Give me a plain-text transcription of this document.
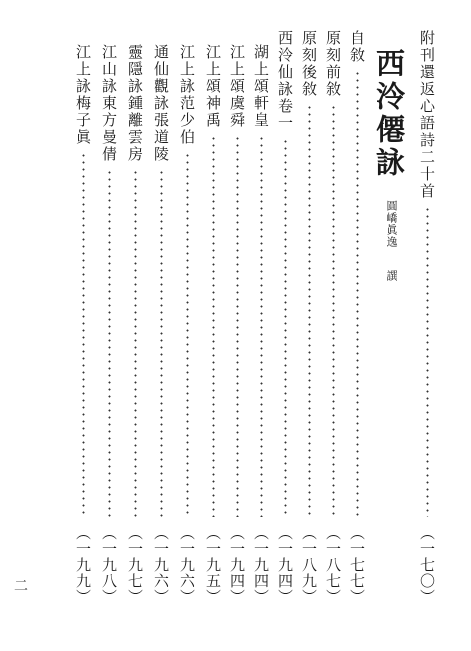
附刊還返心語詩二十首
（一七〇）
西泠僊詠
圓嶠眞逸 譔
自敘
（一七七）
原刻前敘
（一八七）
原刻後敘
（一八九）
西泠仙詠卷一
（一九四）
湖上頌軒皇
（一九四）
江上頌虞舜
（一九四）
江上頌神禹
（一九五）
江上詠范少伯
（一九六）
通仙觀詠張道陵
（一九六）
靈隱詠鍾離雲房
（一九七）
江山詠東方曼倩
（一九八）
江上詠梅子眞
（一九九）
二
